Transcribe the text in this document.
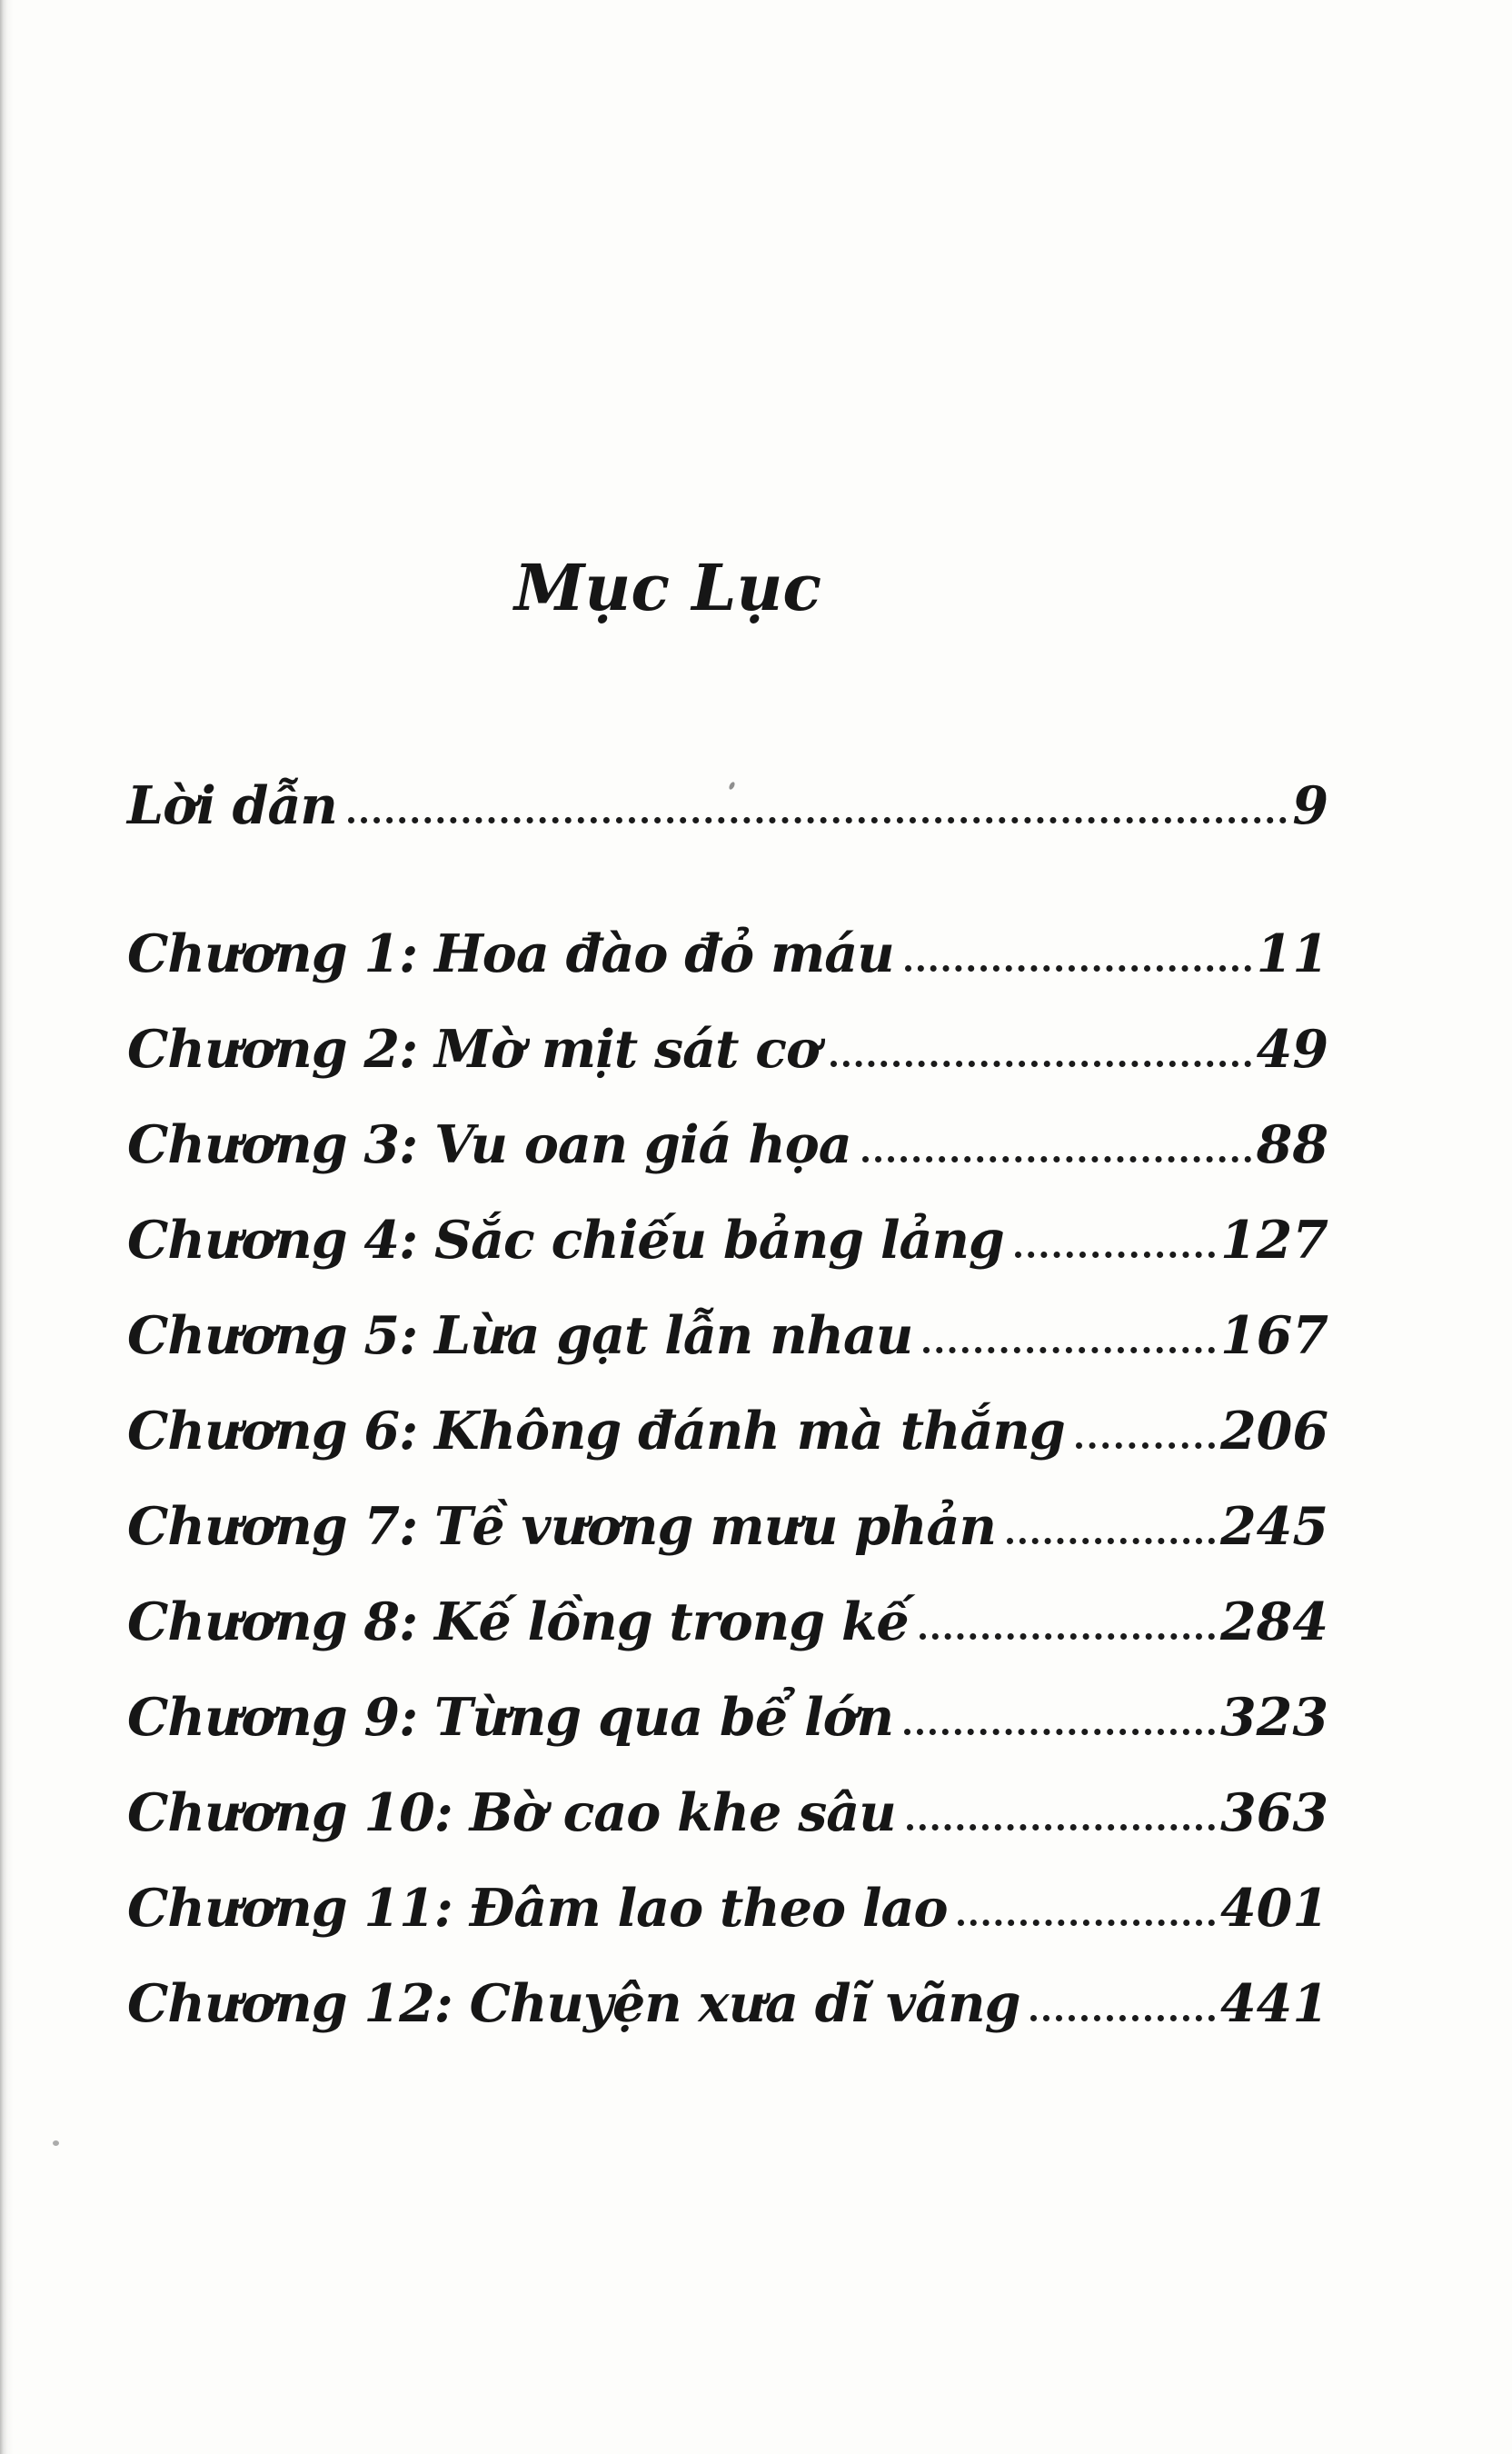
Mục Lục
Lời dẫn	9
Chương 1: Hoa đào đỏ máu	11
Chương 2: Mờ mịt sát cơ	49
Chương 3: Vu oan giá họa	88
Chương 4: Sắc chiếu bảng lảng	127
Chương 5: Lừa gạt lẫn nhau	167
Chương 6: Không đánh mà thắng	206
Chương 7: Tề vương mưu phản	245
Chương 8: Kế lồng trong kế	284
Chương 9: Từng qua bể lớn	323
Chương 10: Bờ cao khe sâu	363
Chương 11: Đâm lao theo lao	401
Chương 12: Chuyện xưa dĩ vãng	441
